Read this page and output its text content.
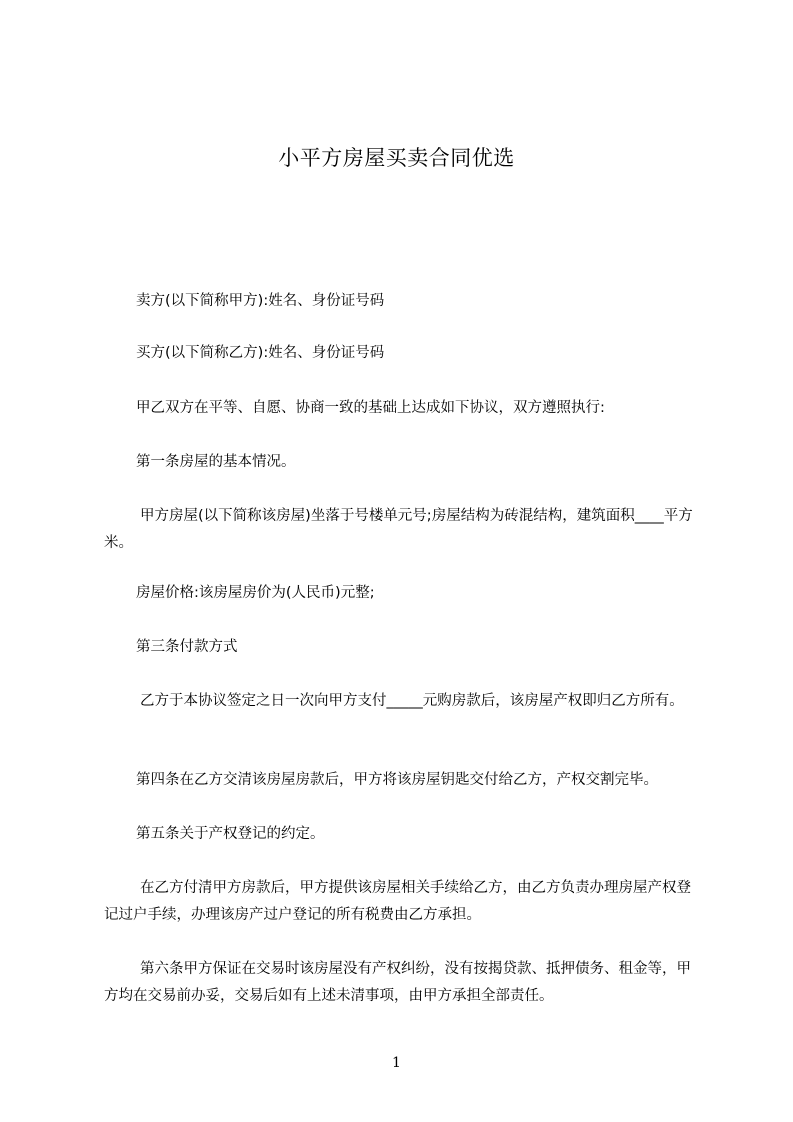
小平方房屋买卖合同优选
卖方(以下简称甲方):姓名、身份证号码
买方(以下简称乙方):姓名、身份证号码
甲乙双方在平等、自愿、协商一致的基础上达成如下协议，双方遵照执行:
第一条房屋的基本情况。
甲方房屋(以下简称该房屋)坐落于号楼单元号;房屋结构为砖混结构，建筑面积____平方米。
房屋价格:该房屋房价为(人民币)元整;
第三条付款方式
乙方于本协议签定之日一次向甲方支付_____元购房款后，该房屋产权即归乙方所有。
第四条在乙方交清该房屋房款后，甲方将该房屋钥匙交付给乙方，产权交割完毕。
第五条关于产权登记的约定。
在乙方付清甲方房款后，甲方提供该房屋相关手续给乙方，由乙方负责办理房屋产权登记过户手续，办理该房产过户登记的所有税费由乙方承担。
第六条甲方保证在交易时该房屋没有产权纠纷，没有按揭贷款、抵押债务、租金等，甲方均在交易前办妥，交易后如有上述未清事项，由甲方承担全部责任。
1
